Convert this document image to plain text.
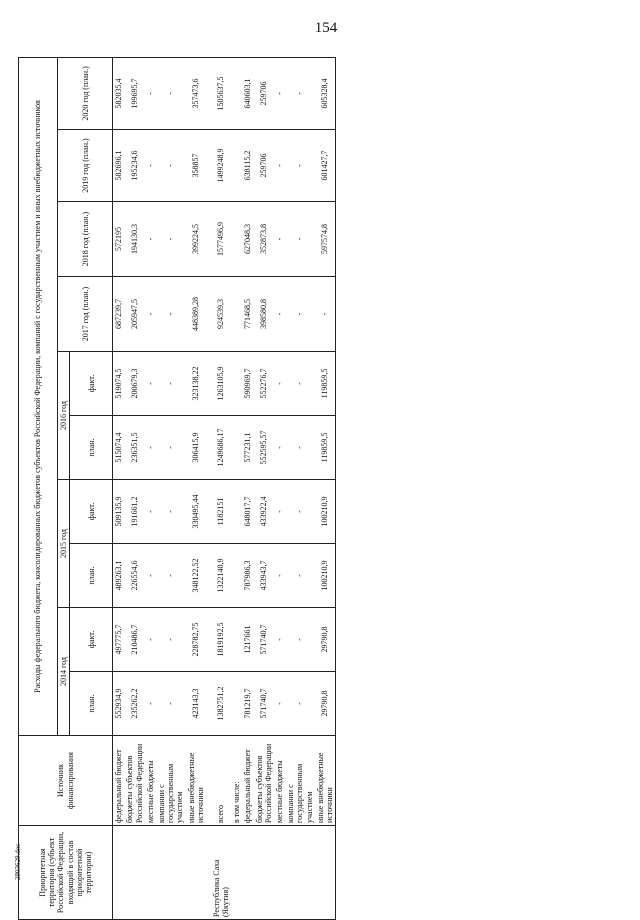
154
Приоритетная территория (субъект Российской Федерации, входящий в состав приоритетной территории)	Источник финансирования	Расходы федерального бюджета, консолидированных бюджетов субъектов Российской Федерации, компаний с государственным участием и иных внебюджетных источников									
		2014 год		2015 год		2016 год		2017 год (план.)	2018 год (план.)	2019 год (план.)	2020 год (план.)
		план.	факт.	план.	факт.	план.	факт.				
	федеральный бюджет	552934,9	497775,7	489263,1	509135,9	515074,4	519074,5	687239,7	572195	582696,1	582035,4
	бюджеты субъектов Российской Федерации	235262,2	210486,7	226554,6	191661,2	236351,5	200679,3	205947,5	194130,3	195234,6	199695,7
	местные бюджеты	-	-	-	-	-	-	-	-	-	-
	компании с государственным участием	-	-	-	-	-	-	-	-	-	-
	иные внебюджетные источники	423143,3	228782,75	348122,52	330495,44	306415,9	323138,22	448389,28	399224,5	358857	357473,6
Республика Саха (Якутия)	всего	1382751,2	1819192,5	1322140,9	1182151	1249686,17	1263105,9	924539,3	1577496,9	1499248,9	1505637,5
	в том числе:										
	федеральный бюджет	781219,7	1217661	787986,3	648017,7	577231,1	590969,7	771468,5	627048,3	638115,2	640603,1
	бюджеты субъектов Российской Федерации	571740,7	571740,7	433943,7	433922,4	552595,57	552276,7	398580,8	352873,8	259706	259706
	местные бюджеты	-	-	-	-	-	-	-	-	-	-
	компании с государственным участием	-	-	-	-	-	-	-	-	-	-
	иные внебюджетные источники	29790,8	29790,8	100210,9	100210,9	119859,5	119859,5	-	597574,8	601427,7	605328,4
2803629.doc
